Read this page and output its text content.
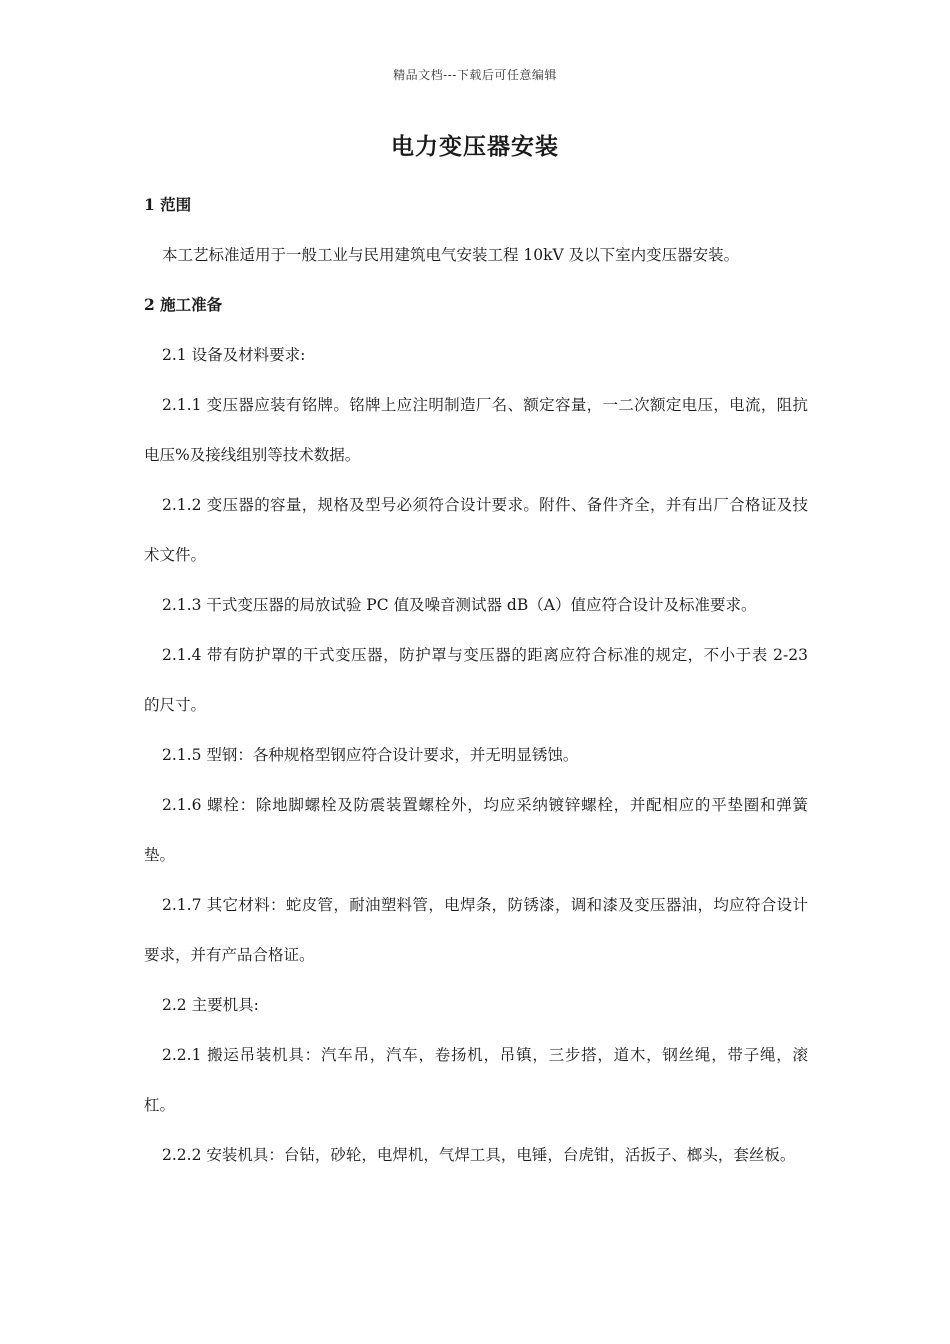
精品文档---下载后可任意编辑
电力变压器安装

1 范围

本工艺标准适用于一般工业与民用建筑电气安装工程 10kV 及以下室内变压器安装。

2 施工准备

2.1 设备及材料要求:

2.1.1 变压器应装有铭牌。铭牌上应注明制造厂名、额定容量，一二次额定电压，电流，阻抗电压%及接线组别等技术数据。

2.1.2 变压器的容量，规格及型号必须符合设计要求。附件、备件齐全，并有出厂合格证及技术文件。

2.1.3 干式变压器的局放试验 PC 值及噪音测试器 dB（A）值应符合设计及标准要求。

2.1.4 带有防护罩的干式变压器，防护罩与变压器的距离应符合标准的规定，不小于表 2-23 的尺寸。

2.1.5 型钢：各种规格型钢应符合设计要求，并无明显锈蚀。

2.1.6 螺栓：除地脚螺栓及防震装置螺栓外，均应采纳镀锌螺栓，并配相应的平垫圈和弹簧垫。

2.1.7 其它材料：蛇皮管，耐油塑料管，电焊条，防锈漆，调和漆及变压器油，均应符合设计要求，并有产品合格证。

2.2 主要机具:

2.2.1 搬运吊装机具：汽车吊，汽车，卷扬机，吊镇，三步搭，道木，钢丝绳，带子绳，滚杠。

2.2.2 安装机具：台钻，砂轮，电焊机，气焊工具，电锤，台虎钳，活扳子、榔头，套丝板。
